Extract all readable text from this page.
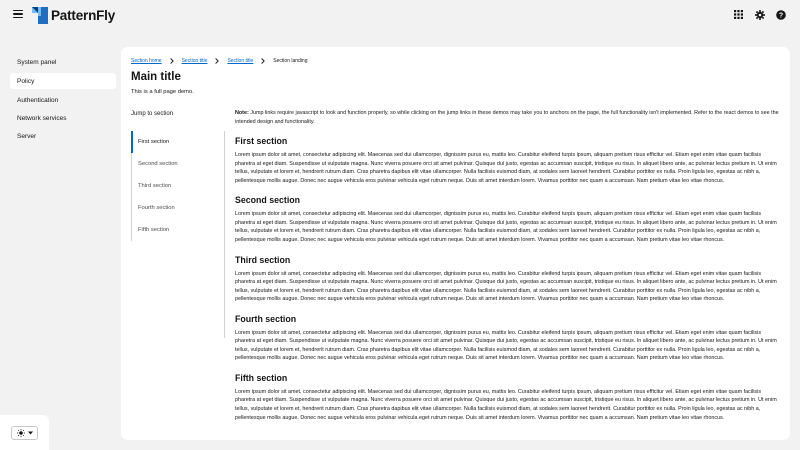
PatternFly	?
System panel
Policy
Authentication
Network services
Server
Section home	Section title	Section title	Section landing
Main title

This is a full page demo.

Jump to section
First section
Second section
Third section
Fourth section
Fifth section

Note: Jump links require javascript to look and function properly, so while clicking on the jump links in these demos may take you to anchors on the page, the full functionality isn't implemented. Refer to the react demos to see the intended design and functionality.

First section

Lorem ipsum dolor sit amet, consectetur adipiscing elit. Maecenas sed dui ullamcorper, dignissim purus eu, mattis leo. Curabitur eleifend turpis ipsum, aliquam pretium risus efficitur vel. Etiam eget enim vitae quam facilisis pharetra at eget diam. Suspendisse ut vulputate magna. Nunc viverra posuere orci sit amet pulvinar. Quisque dui justo, egestas ac accumsan suscipit, tristique eu risus. In aliquet libero ante, ac pulvinar lectus pretium in. Ut enim tellus, vulputate et lorem et, hendrerit rutrum diam. Cras pharetra dapibus elit vitae ullamcorper. Nulla facilisis euismod diam, at sodales sem laoreet hendrerit. Curabitur porttitor ex nulla. Proin ligula leo, egestas ac nibh a, pellentesque mollis augue. Donec nec augue vehicula eros pulvinar vehicula eget rutrum neque. Duis sit amet interdum lorem. Vivamus porttitor nec quam a accumsan. Nam pretium vitae leo vitae rhoncus.

Second section

Lorem ipsum dolor sit amet, consectetur adipiscing elit. Maecenas sed dui ullamcorper, dignissim purus eu, mattis leo. Curabitur eleifend turpis ipsum, aliquam pretium risus efficitur vel. Etiam eget enim vitae quam facilisis pharetra at eget diam. Suspendisse ut vulputate magna. Nunc viverra posuere orci sit amet pulvinar. Quisque dui justo, egestas ac accumsan suscipit, tristique eu risus. In aliquet libero ante, ac pulvinar lectus pretium in. Ut enim tellus, vulputate et lorem et, hendrerit rutrum diam. Cras pharetra dapibus elit vitae ullamcorper. Nulla facilisis euismod diam, at sodales sem laoreet hendrerit. Curabitur porttitor ex nulla. Proin ligula leo, egestas ac nibh a, pellentesque mollis augue. Donec nec augue vehicula eros pulvinar vehicula eget rutrum neque. Duis sit amet interdum lorem. Vivamus porttitor nec quam a accumsan. Nam pretium vitae leo vitae rhoncus.

Third section

Lorem ipsum dolor sit amet, consectetur adipiscing elit. Maecenas sed dui ullamcorper, dignissim purus eu, mattis leo. Curabitur eleifend turpis ipsum, aliquam pretium risus efficitur vel. Etiam eget enim vitae quam facilisis pharetra at eget diam. Suspendisse ut vulputate magna. Nunc viverra posuere orci sit amet pulvinar. Quisque dui justo, egestas ac accumsan suscipit, tristique eu risus. In aliquet libero ante, ac pulvinar lectus pretium in. Ut enim tellus, vulputate et lorem et, hendrerit rutrum diam. Cras pharetra dapibus elit vitae ullamcorper. Nulla facilisis euismod diam, at sodales sem laoreet hendrerit. Curabitur porttitor ex nulla. Proin ligula leo, egestas ac nibh a, pellentesque mollis augue. Donec nec augue vehicula eros pulvinar vehicula eget rutrum neque. Duis sit amet interdum lorem. Vivamus porttitor nec quam a accumsan. Nam pretium vitae leo vitae rhoncus.

Fourth section

Lorem ipsum dolor sit amet, consectetur adipiscing elit. Maecenas sed dui ullamcorper, dignissim purus eu, mattis leo. Curabitur eleifend turpis ipsum, aliquam pretium risus efficitur vel. Etiam eget enim vitae quam facilisis pharetra at eget diam. Suspendisse ut vulputate magna. Nunc viverra posuere orci sit amet pulvinar. Quisque dui justo, egestas ac accumsan suscipit, tristique eu risus. In aliquet libero ante, ac pulvinar lectus pretium in. Ut enim tellus, vulputate et lorem et, hendrerit rutrum diam. Cras pharetra dapibus elit vitae ullamcorper. Nulla facilisis euismod diam, at sodales sem laoreet hendrerit. Curabitur porttitor ex nulla. Proin ligula leo, egestas ac nibh a, pellentesque mollis augue. Donec nec augue vehicula eros pulvinar vehicula eget rutrum neque. Duis sit amet interdum lorem. Vivamus porttitor nec quam a accumsan. Nam pretium vitae leo vitae rhoncus.

Fifth section

Lorem ipsum dolor sit amet, consectetur adipiscing elit. Maecenas sed dui ullamcorper, dignissim purus eu, mattis leo. Curabitur eleifend turpis ipsum, aliquam pretium risus efficitur vel. Etiam eget enim vitae quam facilisis pharetra at eget diam. Suspendisse ut vulputate magna. Nunc viverra posuere orci sit amet pulvinar. Quisque dui justo, egestas ac accumsan suscipit, tristique eu risus. In aliquet libero ante, ac pulvinar lectus pretium in. Ut enim tellus, vulputate et lorem et, hendrerit rutrum diam. Cras pharetra dapibus elit vitae ullamcorper. Nulla facilisis euismod diam, at sodales sem laoreet hendrerit. Curabitur porttitor ex nulla. Proin ligula leo, egestas ac nibh a, pellentesque mollis augue. Donec nec augue vehicula eros pulvinar vehicula eget rutrum neque. Duis sit amet interdum lorem. Vivamus porttitor nec quam a accumsan. Nam pretium vitae leo vitae rhoncus.
